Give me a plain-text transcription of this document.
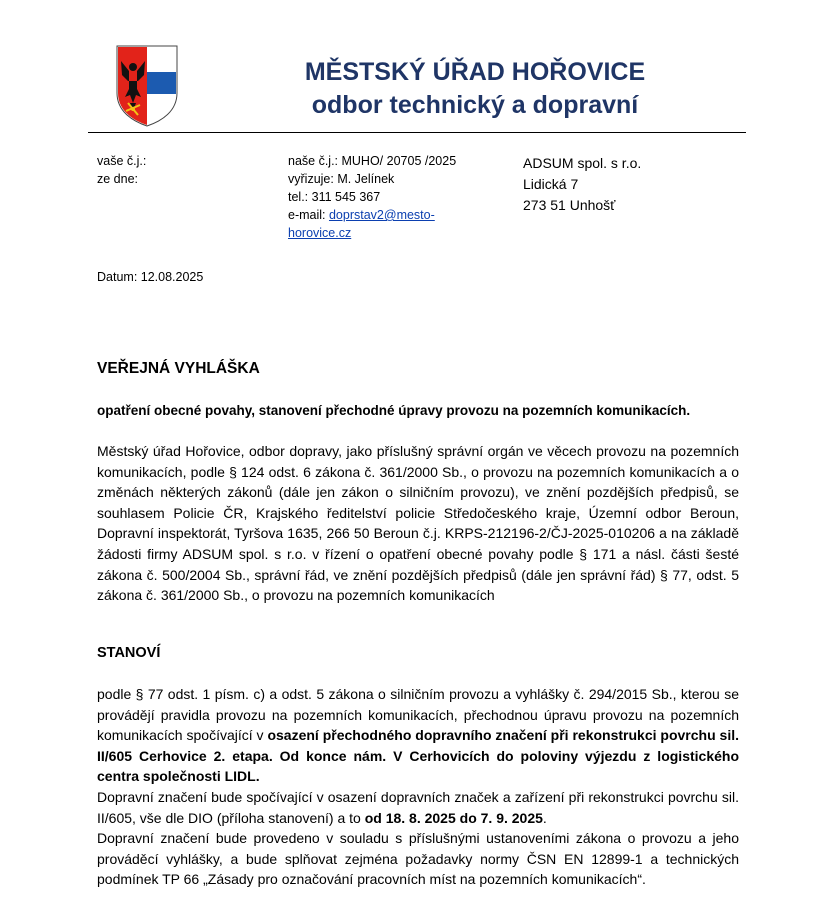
MĚSTSKÝ ÚŘAD HOŘOVICE
odbor technický a dopravní
vaše č.j.:
ze dne:
naše č.j.: MUHO/ 20705 /2025
vyřizuje: M. Jelínek
tel.: 311 545 367
e-mail: doprstav2@mesto-
horovice.cz
ADSUM spol. s r.o.
Lidická 7
273 51 Unhošť
Datum: 12.08.2025
VEŘEJNÁ VYHLÁŠKA
opatření obecné povahy, stanovení přechodné úpravy provozu na pozemních komunikacích.
Městský úřad Hořovice, odbor dopravy, jako příslušný správní orgán ve věcech provozu na pozemních komunikacích, podle § 124 odst. 6 zákona č. 361/2000 Sb., o provozu na pozemních komunikacích a o změnách některých zákonů (dále jen zákon o silničním provozu), ve znění pozdějších předpisů, se souhlasem Policie ČR, Krajského ředitelství policie Středočeského kraje, Územní odbor Beroun, Dopravní inspektorát, Tyršova 1635, 266 50 Beroun č.j. KRPS-212196-2/ČJ-2025-010206 a na základě žádosti firmy ADSUM spol. s r.o. v řízení o opatření obecné povahy podle § 171 a násl. části šesté zákona č. 500/2004 Sb., správní řád, ve znění pozdějších předpisů (dále jen správní řád) § 77, odst. 5 zákona č. 361/2000 Sb., o provozu na pozemních komunikacích
STANOVÍ

podle § 77 odst. 1 písm. c) a odst. 5 zákona o silničním provozu a vyhlášky č. 294/2015 Sb., kterou se provádějí pravidla provozu na pozemních komunikacích, přechodnou úpravu provozu na pozemních komunikacích spočívající v osazení přechodného dopravního značení při rekonstrukci povrchu sil. II/605 Cerhovice 2. etapa. Od konce nám. V Cerhovicích do poloviny výjezdu z logistického centra společnosti LIDL.

Dopravní značení bude spočívající v osazení dopravních značek a zařízení při rekonstrukci povrchu sil. II/605, vše dle DIO (příloha stanovení) a to od 18. 8. 2025 do 7. 9. 2025.

Dopravní značení bude provedeno v souladu s příslušnými ustanoveními zákona o provozu a jeho prováděcí vyhlášky, a bude splňovat zejména požadavky normy ČSN EN 12899-1 a technických podmínek TP 66 „Zásady pro označování pracovních míst na pozemních komunikacích“.
